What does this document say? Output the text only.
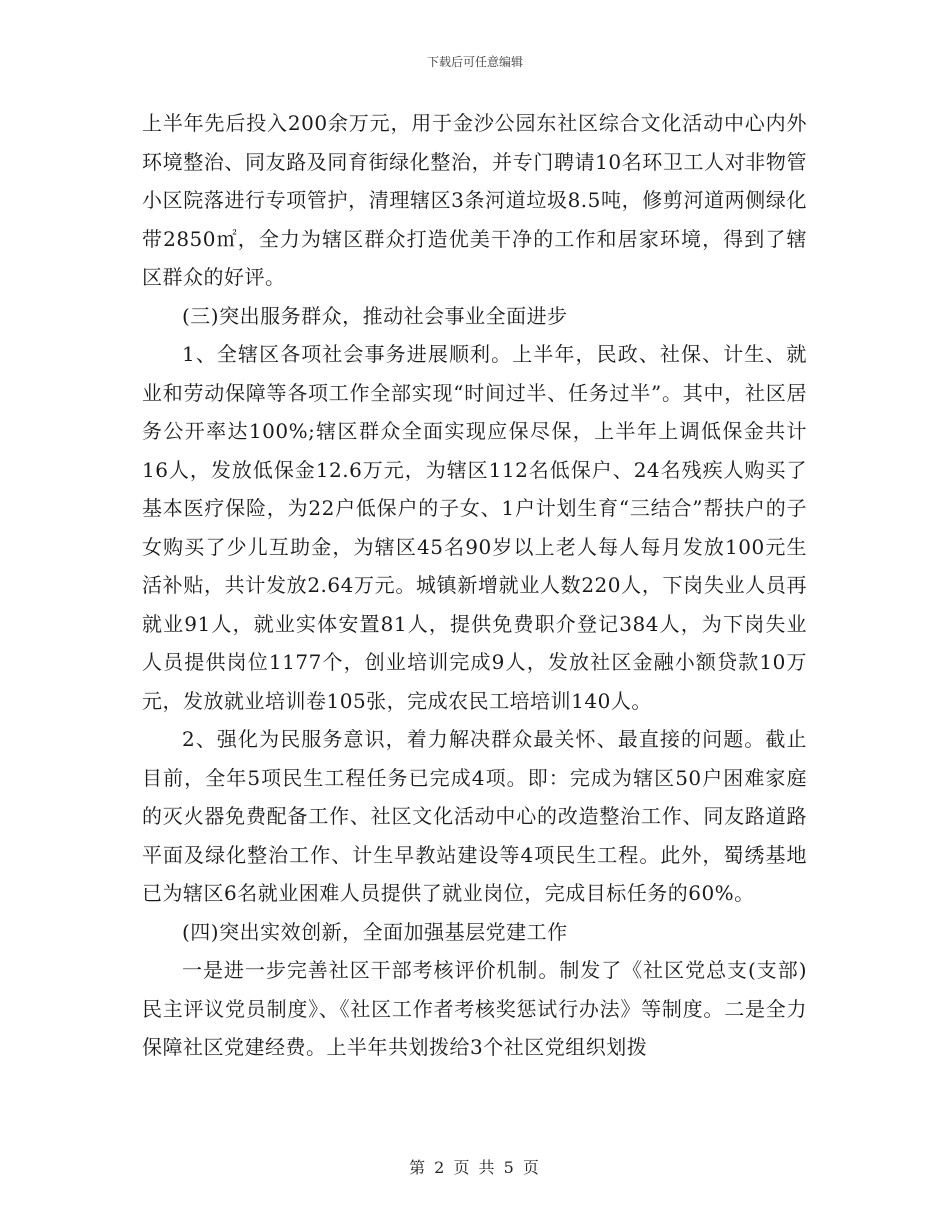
下载后可任意编辑

上半年先后投入200余万元，用于金沙公园东社区综合文化活动中心内外环境整治、同友路及同育街绿化整治，并专门聘请10名环卫工人对非物管小区院落进行专项管护，清理辖区3条河道垃圾8.5吨，修剪河道两侧绿化带2850㎡，全力为辖区群众打造优美干净的工作和居家环境，得到了辖区群众的好评。

(三)突出服务群众，推动社会事业全面进步

1、全辖区各项社会事务进展顺利。上半年，民政、社保、计生、就业和劳动保障等各项工作全部实现“时间过半、任务过半”。其中，社区居务公开率达100%;辖区群众全面实现应保尽保，上半年上调低保金共计16人，发放低保金12.6万元，为辖区112名低保户、24名残疾人购买了基本医疗保险，为22户低保户的子女、1户计划生育“三结合”帮扶户的子女购买了少儿互助金，为辖区45名90岁以上老人每人每月发放100元生活补贴，共计发放2.64万元。城镇新增就业人数220人，下岗失业人员再就业91人，就业实体安置81人，提供免费职介登记384人，为下岗失业人员提供岗位1177个，创业培训完成9人，发放社区金融小额贷款10万元，发放就业培训卷105张，完成农民工培培训140人。

2、强化为民服务意识，着力解决群众最关怀、最直接的问题。截止目前，全年5项民生工程任务已完成4项。即：完成为辖区50户困难家庭的灭火器免费配备工作、社区文化活动中心的改造整治工作、同友路道路平面及绿化整治工作、计生早教站建设等4项民生工程。此外，蜀绣基地已为辖区6名就业困难人员提供了就业岗位，完成目标任务的60%。

(四)突出实效创新，全面加强基层党建工作

一是进一步完善社区干部考核评价机制。制发了《社区党总支(支部)民主评议党员制度》、《社区工作者考核奖惩试行办法》等制度。二是全力保障社区党建经费。上半年共划拨给3个社区党组织划拨

第 2 页 共 5 页
